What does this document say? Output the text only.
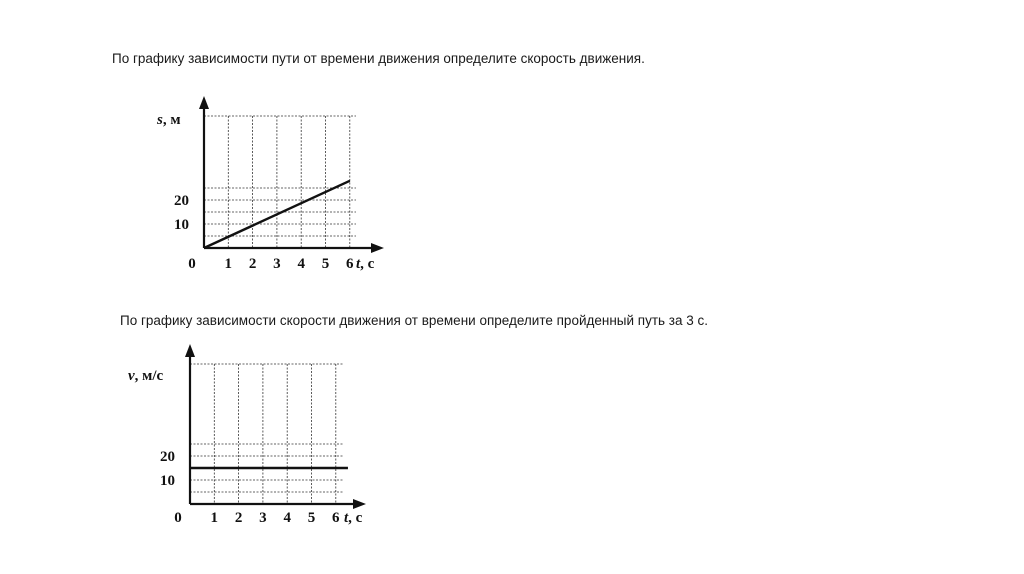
По графику зависимости пути от времени движения определите скорость движения.
0 1 2 3 4 5 6
10
20
t, с
s, м
По графику зависимости скорости движения от времени определите пройденный путь за 3 с.
0 1 2 3 4 5 6
10
20
t, с
v, м/с
